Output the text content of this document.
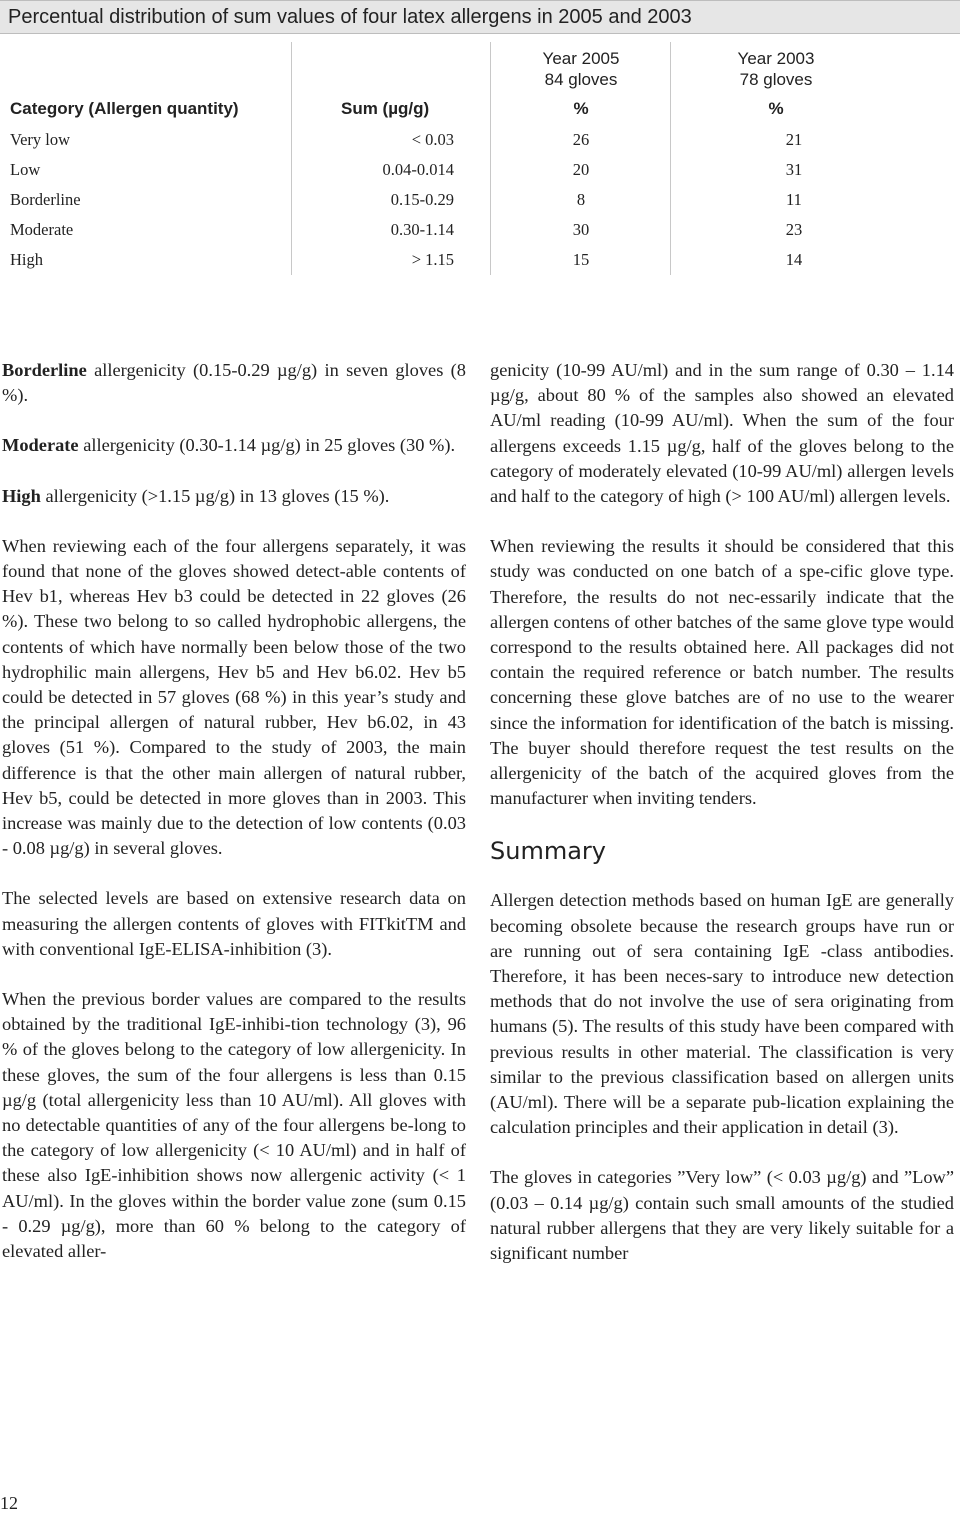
Percentual distribution of sum values of four latex allergens in 2005 and 2003
Year 2005
84 gloves
Year 2003
78 gloves
Category (Allergen quantity)	Sum (µg/g)	%	%
Very low	< 0.03	26	21
Low	0.04-0.014	20	31
Borderline	0.15-0.29	8	11
Moderate	0.30-1.14	30	23
High	> 1.15	15	14

Borderline allergenicity (0.15-0.29 µg/g) in seven gloves (8 %).

Moderate allergenicity (0.30-1.14 µg/g) in 25 gloves (30 %).

High allergenicity (>1.15 µg/g) in 13 gloves (15 %).

When reviewing each of the four allergens separately, it was found that none of the gloves showed detect-able contents of Hev b1, whereas Hev b3 could be detected in 22 gloves (26 %). These two belong to so called hydrophobic allergens, the contents of which have normally been below those of the two hydrophilic main allergens, Hev b5 and Hev b6.02. Hev b5 could be detected in 57 gloves (68 %) in this year’s study and the principal allergen of natural rubber, Hev b6.02, in 43 gloves (51 %). Compared to the study of 2003, the main difference is that the other main allergen of natural rubber, Hev b5, could be detected in more gloves than in 2003. This increase was mainly due to the detection of low contents (0.03 - 0.08 µg/g) in several gloves.

The selected levels are based on extensive research data on measuring the allergen contents of gloves with FITkitTM and with conventional IgE-ELISA-inhibition (3).

When the previous border values are compared to the results obtained by the traditional IgE-inhibi-tion technology (3), 96 % of the gloves belong to the category of low allergenicity. In these gloves, the sum of the four allergens is less than 0.15 µg/g (total allergenicity less than 10 AU/ml). All gloves with no detectable quantities of any of the four allergens be-long to the category of low allergenicity (< 10 AU/ml) and in half of these also IgE-inhibition shows now allergenic activity (< 1 AU/ml). In the gloves within the border value zone (sum 0.15 - 0.29 µg/g), more than 60 % belong to the category of elevated aller-

genicity (10-99 AU/ml) and in the sum range of 0.30 – 1.14 µg/g, about 80 % of the samples also showed an elevated AU/ml reading (10-99 AU/ml). When the sum of the four allergens exceeds 1.15 µg/g, half of the gloves belong to the category of moderately elevated (10-99 AU/ml) allergen levels and half to the category of high (> 100 AU/ml) allergen levels.

When reviewing the results it should be considered that this study was conducted on one batch of a spe-cific glove type. Therefore, the results do not nec-essarily indicate that the allergen contens of other batches of the same glove type would correspond to the results obtained here. All packages did not contain the required reference or batch number. The results concerning these glove batches are of no use to the wearer since the information for identification of the batch is missing. The buyer should therefore request the test results on the allergenicity of the batch of the acquired gloves from the manufacturer when inviting tenders.

Summary

Allergen detection methods based on human IgE are generally becoming obsolete because the research groups have run or are running out of sera containing IgE -class antibodies. Therefore, it has been neces-sary to introduce new detection methods that do not involve the use of sera originating from humans (5). The results of this study have been compared with previous results in other material. The classification is very similar to the previous classification based on allergen units (AU/ml). There will be a separate pub-lication explaining the calculation principles and their application in detail (3).

The gloves in categories ”Very low” (< 0.03 µg/g) and ”Low” (0.03 – 0.14 µg/g) contain such small amounts of the studied natural rubber allergens that they are very likely suitable for a significant number

12
